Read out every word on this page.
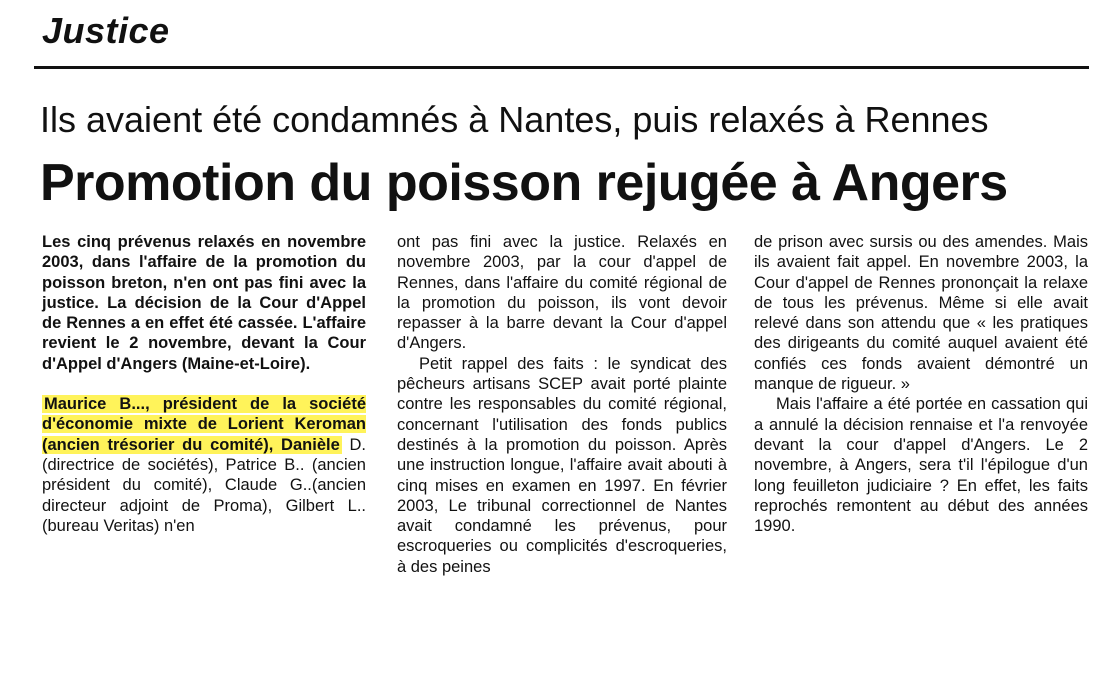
Justice
Ils avaient été condamnés à Nantes, puis relaxés à Rennes
Promotion du poisson rejugée à Angers

Les cinq prévenus relaxés en novembre 2003, dans l'affaire de la promotion du poisson breton, n'en ont pas fini avec la justice. La décision de la Cour d'Appel de Rennes a en effet été cassée. L'affaire revient le 2 novembre, devant la Cour d'Appel d'Angers (Maine-et-Loire).

Maurice B..., président de la société d'économie mixte de Lorient Keroman (ancien trésorier du comité), Danièle D. (directrice de sociétés), Patrice B.. (ancien président du comité), Claude G..(ancien directeur adjoint de Proma), Gilbert L.. (bureau Veritas) n'en

ont pas fini avec la justice. Relaxés en novembre 2003, par la cour d'appel de Rennes, dans l'affaire du comité régional de la promotion du poisson, ils vont devoir repasser à la barre devant la Cour d'appel d'Angers.

Petit rappel des faits : le syndicat des pêcheurs artisans SCEP avait porté plainte contre les responsables du comité régional, concernant l'utilisation des fonds publics destinés à la promotion du poisson. Après une instruction longue, l'affaire avait abouti à cinq mises en examen en 1997. En février 2003, Le tribunal correctionnel de Nantes avait condamné les prévenus, pour escroqueries ou complicités d'escroqueries, à des peines

de prison avec sursis ou des amendes. Mais ils avaient fait appel. En novembre 2003, la Cour d'appel de Rennes prononçait la relaxe de tous les prévenus. Même si elle avait relevé dans son attendu que « les pratiques des dirigeants du comité auquel avaient été confiés ces fonds avaient démontré un manque de rigueur. »

Mais l'affaire a été portée en cassation qui a annulé la décision rennaise et l'a renvoyée devant la cour d'appel d'Angers. Le 2 novembre, à Angers, sera t'il l'épilogue d'un long feuilleton judiciaire ? En effet, les faits reprochés remontent au début des années 1990.
